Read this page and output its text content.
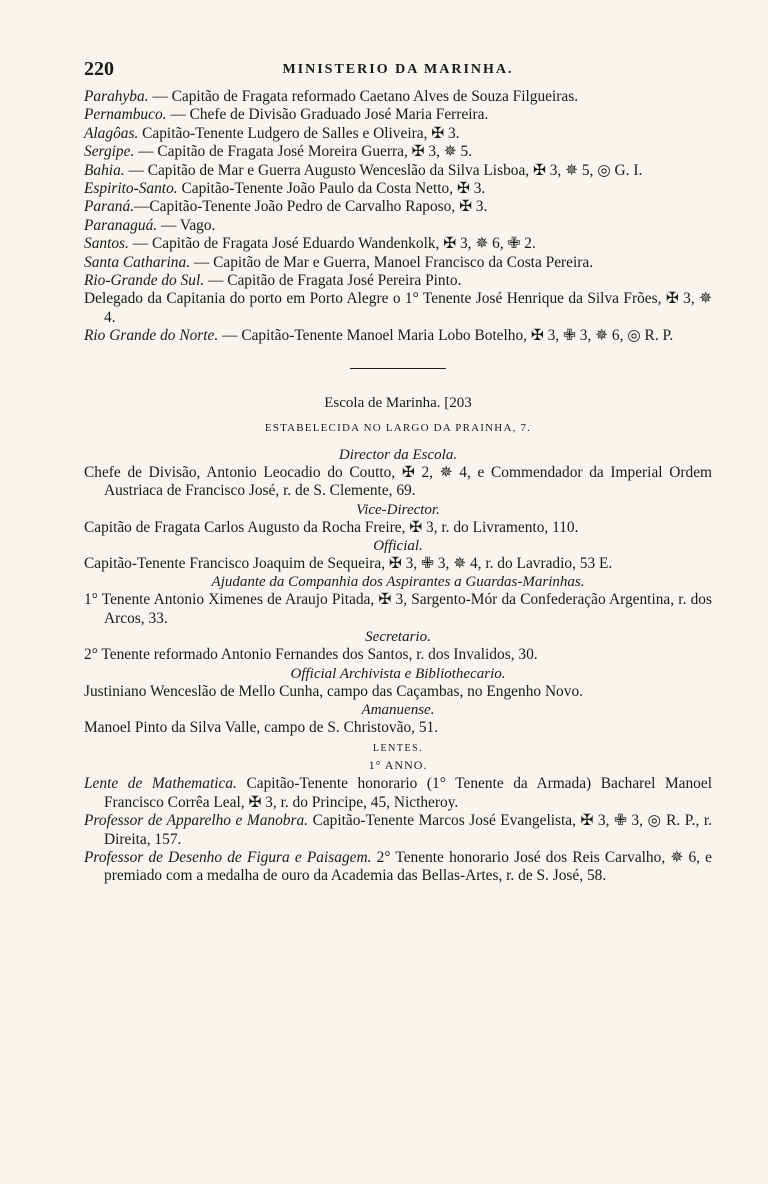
220	MINISTERIO DA MARINHA.

Parahyba. — Capitão de Fragata reformado Caetano Alves de Souza Filgueiras.

Pernambuco. — Chefe de Divisão Graduado José Maria Ferreira.

Alagôas. Capitão-Tenente Ludgero de Salles e Oliveira, ✠ 3.

Sergipe. — Capitão de Fragata José Moreira Guerra, ✠ 3, ✵ 5.

Bahia. — Capitão de Mar e Guerra Augusto Wenceslão da Silva Lisboa, ✠ 3, ✵ 5, ◎ G. I.

Espirito-Santo. Capitão-Tenente João Paulo da Costa Netto, ✠ 3.

Paraná.—Capitão-Tenente João Pedro de Carvalho Raposo, ✠ 3.

Paranaguá. — Vago.

Santos. — Capitão de Fragata José Eduardo Wandenkolk, ✠ 3, ✵ 6, ✙ 2.

Santa Catharina. — Capitão de Mar e Guerra, Manoel Francisco da Costa Pereira.

Rio-Grande do Sul. — Capitão de Fragata José Pereira Pinto.

Delegado da Capitania do porto em Porto Alegre o 1° Tenente José Henrique da Silva Frões, ✠ 3, ✵ 4.

Rio Grande do Norte. — Capitão-Tenente Manoel Maria Lobo Botelho, ✠ 3, ✙ 3, ✵ 6, ◎ R. P.

Escola de Marinha. [203

ESTABELECIDA NO LARGO DA PRAINHA, 7.

Director da Escola.

Chefe de Divisão, Antonio Leocadio do Coutto, ✠ 2, ✵ 4, e Commendador da Imperial Ordem Austriaca de Francisco José, r. de S. Clemente, 69.

Vice-Director.

Capitão de Fragata Carlos Augusto da Rocha Freire, ✠ 3, r. do Livramento, 110.

Official.

Capitão-Tenente Francisco Joaquim de Sequeira, ✠ 3, ✙ 3, ✵ 4, r. do Lavradio, 53 E.

Ajudante da Companhia dos Aspirantes a Guardas-Marinhas.

1° Tenente Antonio Ximenes de Araujo Pitada, ✠ 3, Sargento-Mór da Confederação Argentina, r. dos Arcos, 33.

Secretario.

2° Tenente reformado Antonio Fernandes dos Santos, r. dos Invalidos, 30.

Official Archivista e Bibliothecario.

Justiniano Wenceslão de Mello Cunha, campo das Caçambas, no Engenho Novo.

Amanuense.

Manoel Pinto da Silva Valle, campo de S. Christovão, 51.

LENTES.

1° ANNO.

Lente de Mathematica. Capitão-Tenente honorario (1° Tenente da Armada) Bacharel Manoel Francisco Corrêa Leal, ✠ 3, r. do Principe, 45, Nictheroy.

Professor de Apparelho e Manobra. Capitão-Tenente Marcos José Evangelista, ✠ 3, ✙ 3, ◎ R. P., r. Direita, 157.

Professor de Desenho de Figura e Paisagem. 2° Tenente honorario José dos Reis Carvalho, ✵ 6, e premiado com a medalha de ouro da Academia das Bellas-Artes, r. de S. José, 58.
